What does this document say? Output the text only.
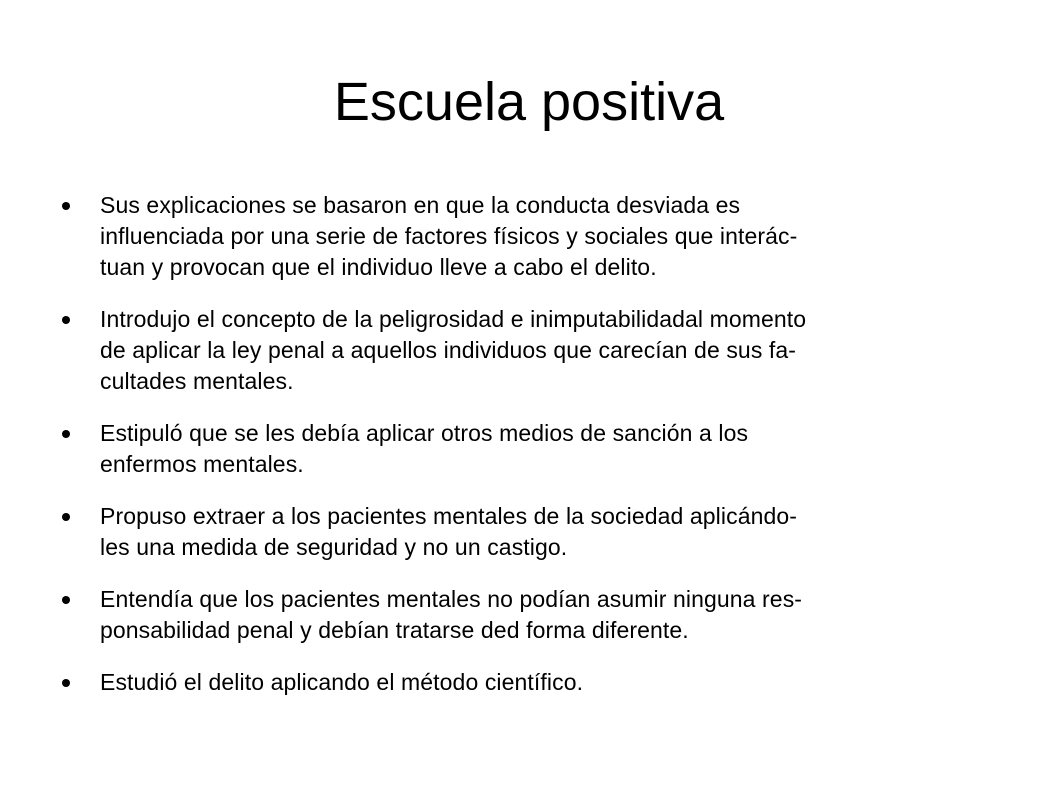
Escuela positiva
Sus explicaciones se basaron en que la conducta desviada es
influenciada por una serie de factores físicos y sociales que interác-
tuan y provocan que el individuo lleve a cabo el delito.
Introdujo el concepto de la peligrosidad e inimputabilidadal momento
de aplicar la ley penal a aquellos individuos que carecían de sus fa-
cultades mentales.
Estipuló que se les debía aplicar otros medios de sanción a los
enfermos mentales.
Propuso extraer a los pacientes mentales de la sociedad aplicándo-
les una medida de seguridad y no un castigo.
Entendía que los pacientes mentales no podían asumir ninguna res-
ponsabilidad penal y debían tratarse ded forma diferente.
Estudió el delito aplicando el método científico.
